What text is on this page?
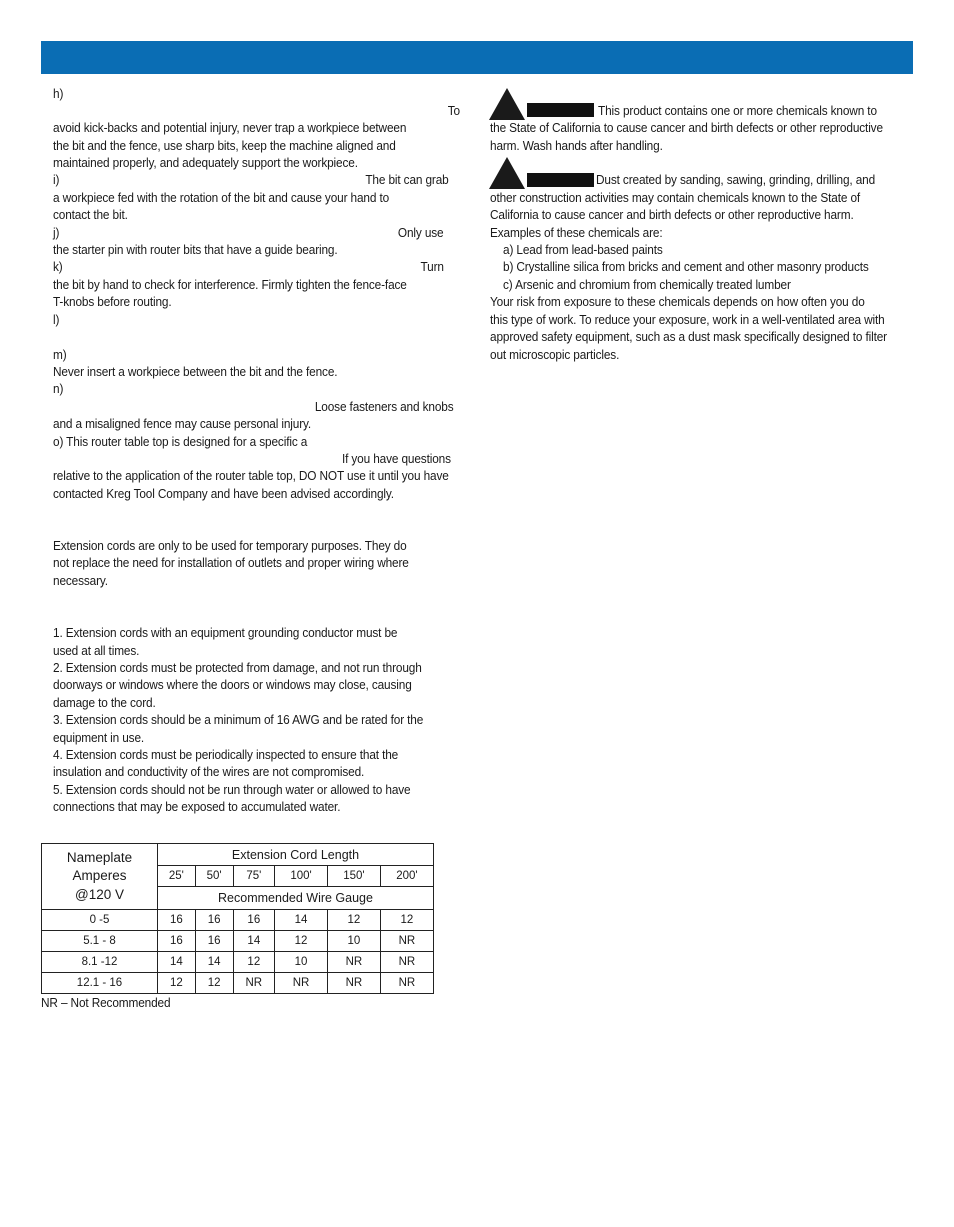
h)
To
avoid kick-backs and potential injury, never trap a workpiece between
the bit and the fence, use sharp bits, keep the machine aligned and
maintained properly, and adequately support the workpiece.
i)	The bit can grab
a workpiece fed with the rotation of the bit and cause your hand to
contact the bit.
j)	Only use
the starter pin with router bits that have a guide bearing.
k)	Turn
the bit by hand to check for interference. Firmly tighten the fence-face
T-knobs before routing.
l)
m)
Never insert a workpiece between the bit and the fence.
n)
Loose fasteners and knobs
and a misaligned fence may cause personal injury.
o) This router table top is designed for a specific a
If you have questions
relative to the application of the router table top, DO NOT use it until you have
contacted Kreg Tool Company and have been advised accordingly.
Extension cords are only to be used for temporary purposes. They do
not replace the need for installation of outlets and proper wiring where
necessary.
1. Extension cords with an equipment grounding conductor must be
used at all times.
2. Extension cords must be protected from damage, and not run through
doorways or windows where the doors or windows may close, causing
damage to the cord.
3. Extension cords should be a minimum of 16 AWG and be rated for the
equipment in use.
4. Extension cords must be periodically inspected to ensure that the
insulation and conductivity of the wires are not compromised.
5. Extension cords should not be run through water or allowed to have
connections that may be exposed to accumulated water.
Nameplate
Amperes
@120 V	Extension Cord Length					
	25'	50'	75'	100'	150'	200'
	Recommended Wire Gauge					
0 -5	16	16	16	14	12	12
5.1 - 8	16	16	14	12	10	NR
8.1 -12	14	14	12	10	NR	NR
12.1 - 16	12	12	NR	NR	NR	NR
NR – Not Recommended
This product contains one or more chemicals known to
the State of California to cause cancer and birth defects or other reproductive
harm. Wash hands after handling.
Dust created by sanding, sawing, grinding, drilling, and
other construction activities may contain chemicals known to the State of
California to cause cancer and birth defects or other reproductive harm.
Examples of these chemicals are:
a) Lead from lead-based paints
b) Crystalline silica from bricks and cement and other masonry products
c) Arsenic and chromium from chemically treated lumber
Your risk from exposure to these chemicals depends on how often you do
this type of work. To reduce your exposure, work in a well-ventilated area with
approved safety equipment, such as a dust mask specifically designed to filter
out microscopic particles.
